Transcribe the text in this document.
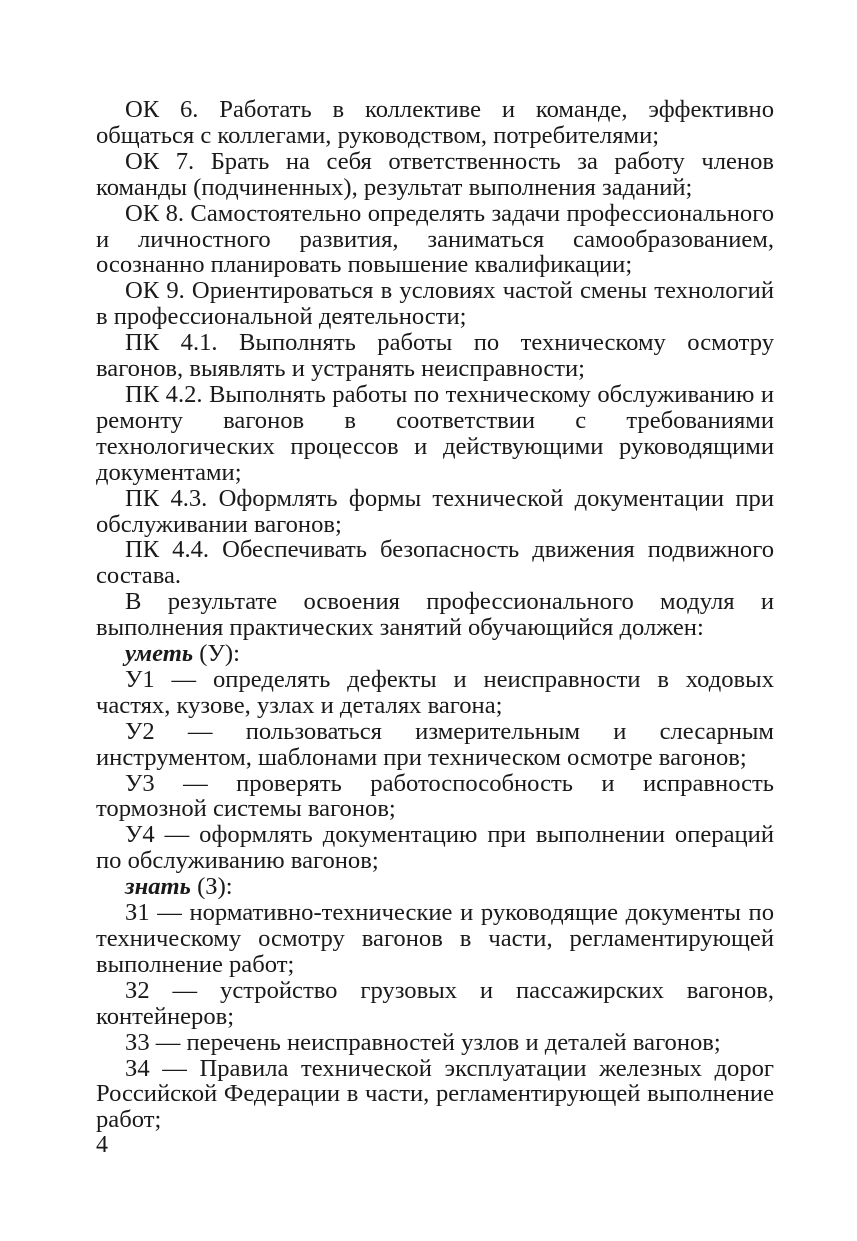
ОК 6. Работать в коллективе и команде, эффективно общаться с коллегами, руководством, потребителями;

ОК 7. Брать на себя ответственность за работу членов команды (подчиненных), результат выполнения заданий;

ОК 8. Самостоятельно определять задачи профессионального и личностного развития, заниматься самообразованием, осознанно планировать повышение квалификации;

ОК 9. Ориентироваться в условиях частой смены технологий в профессиональной деятельности;

ПК 4.1. Выполнять работы по техническому осмотру вагонов, выявлять и устранять неисправности;

ПК 4.2. Выполнять работы по техническому обслуживанию и ремонту вагонов в соответствии с требованиями технологических процессов и действующими руководящими документами;

ПК 4.3. Оформлять формы технической документации при обслуживании вагонов;

ПК 4.4. Обеспечивать безопасность движения подвижного состава.

В результате освоения профессионального модуля и выполнения практических занятий обучающийся должен:

уметь (У):

У1 — определять дефекты и неисправности в ходовых частях, кузове, узлах и деталях вагона;

У2 — пользоваться измерительным и слесарным инструментом, шаблонами при техническом осмотре вагонов;

У3 — проверять работоспособность и исправность тормозной системы вагонов;

У4 — оформлять документацию при выполнении операций по обслуживанию вагонов;

знать (З):

З1 — нормативно-технические и руководящие документы по техническому осмотру вагонов в части, регламентирующей выполнение работ;

З2 — устройство грузовых и пассажирских вагонов, контейнеров;

З3 — перечень неисправностей узлов и деталей вагонов;

З4 — Правила технической эксплуатации железных дорог Российской Федерации в части, регламентирующей выполнение работ;

4
